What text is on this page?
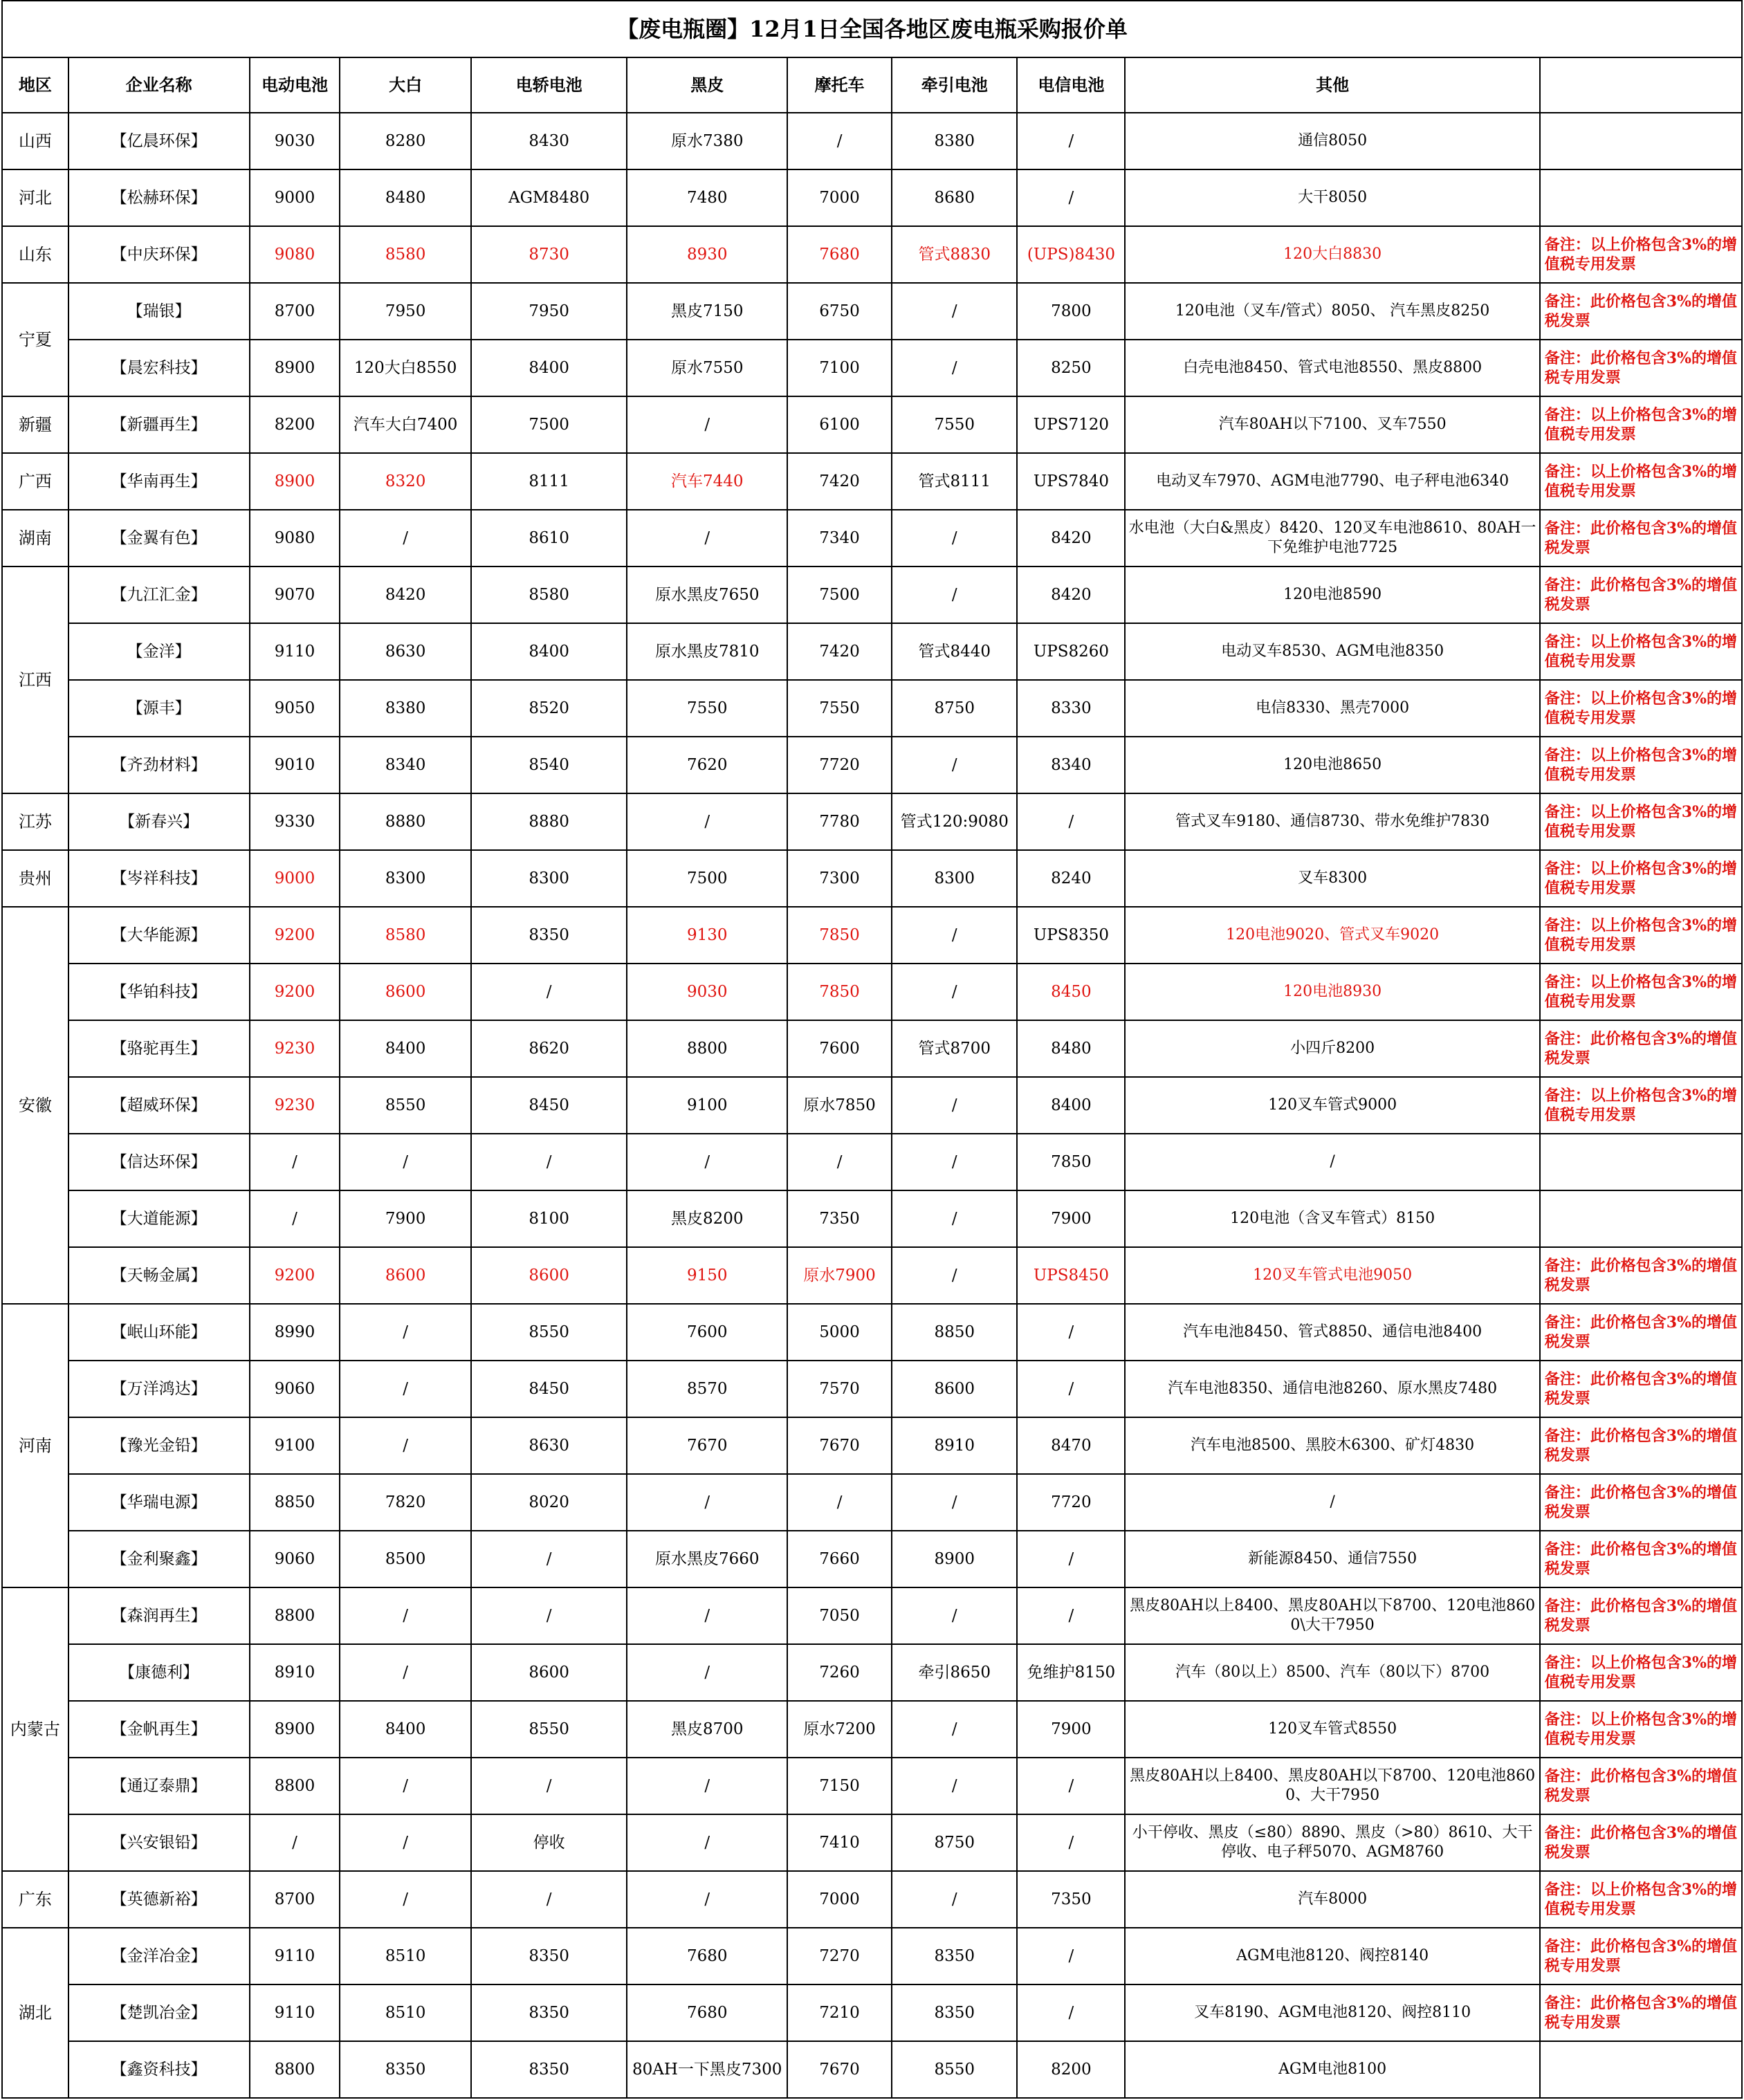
【废电瓶圈】12月1日全国各地区废电瓶采购报价单										
地区	企业名称	电动电池	大白	电轿电池	黑皮	摩托车	牵引电池	电信电池	其他	
山西	【亿晨环保】	9030	8280	8430	原水7380	/	8380	/	通信8050	
河北	【松赫环保】	9000	8480	AGM8480	7480	7000	8680	/	大干8050	
山东	【中庆环保】	9080	8580	8730	8930	7680	管式8830	(UPS)8430	120大白8830	备注：以上价格包含3%的增值税专用发票
宁夏	【瑞银】	8700	7950	7950	黑皮7150	6750	/	7800	120电池（叉车/管式）8050、 汽车黑皮8250	备注：此价格包含3%的增值税发票
	【晨宏科技】	8900	120大白8550	8400	原水7550	7100	/	8250	白壳电池8450、管式电池8550、黑皮8800	备注：此价格包含3%的增值税专用发票
新疆	【新疆再生】	8200	汽车大白7400	7500	/	6100	7550	UPS7120	汽车80AH以下7100、叉车7550	备注：以上价格包含3%的增值税专用发票
广西	【华南再生】	8900	8320	8111	汽车7440	7420	管式8111	UPS7840	电动叉车7970、AGM电池7790、电子秤电池6340	备注：以上价格包含3%的增值税专用发票
湖南	【金翼有色】	9080	/	8610	/	7340	/	8420	水电池（大白&黑皮）8420、120叉车电池8610、80AH一下免维护电池7725	备注：此价格包含3%的增值税发票
江西	【九江汇金】	9070	8420	8580	原水黑皮7650	7500	/	8420	120电池8590	备注：此价格包含3%的增值税发票
	【金洋】	9110	8630	8400	原水黑皮7810	7420	管式8440	UPS8260	电动叉车8530、AGM电池8350	备注：以上价格包含3%的增值税专用发票
	【源丰】	9050	8380	8520	7550	7550	8750	8330	电信8330、黑壳7000	备注：以上价格包含3%的增值税专用发票
	【齐劲材料】	9010	8340	8540	7620	7720	/	8340	120电池8650	备注：以上价格包含3%的增值税专用发票
江苏	【新春兴】	9330	8880	8880	/	7780	管式120:9080	/	管式叉车9180、通信8730、带水免维护7830	备注：以上价格包含3%的增值税专用发票
贵州	【岑祥科技】	9000	8300	8300	7500	7300	8300	8240	叉车8300	备注：以上价格包含3%的增值税专用发票
安徽	【大华能源】	9200	8580	8350	9130	7850	/	UPS8350	120电池9020、管式叉车9020	备注：以上价格包含3%的增值税专用发票
	【华铂科技】	9200	8600	/	9030	7850	/	8450	120电池8930	备注：以上价格包含3%的增值税专用发票
	【骆驼再生】	9230	8400	8620	8800	7600	管式8700	8480	小四斤8200	备注：此价格包含3%的增值税发票
	【超威环保】	9230	8550	8450	9100	原水7850	/	8400	120叉车管式9000	备注：以上价格包含3%的增值税专用发票
	【信达环保】	/	/	/	/	/	/	7850	/	
	【大道能源】	/	7900	8100	黑皮8200	7350	/	7900	120电池（含叉车管式）8150	
	【天畅金属】	9200	8600	8600	9150	原水7900	/	UPS8450	120叉车管式电池9050	备注：此价格包含3%的增值税发票
河南	【岷山环能】	8990	/	8550	7600	5000	8850	/	汽车电池8450、管式8850、通信电池8400	备注：此价格包含3%的增值税发票
	【万洋鸿达】	9060	/	8450	8570	7570	8600	/	汽车电池8350、通信电池8260、原水黑皮7480	备注：此价格包含3%的增值税发票
	【豫光金铅】	9100	/	8630	7670	7670	8910	8470	汽车电池8500、黑胶木6300、矿灯4830	备注：此价格包含3%的增值税发票
	【华瑞电源】	8850	7820	8020	/	/	/	7720	/	备注：此价格包含3%的增值税发票
	【金利聚鑫】	9060	8500	/	原水黑皮7660	7660	8900	/	新能源8450、通信7550	备注：此价格包含3%的增值税发票
内蒙古	【森润再生】	8800	/	/	/	7050	/	/	黑皮80AH以上8400、黑皮80AH以下8700、120电池8600\大干7950	备注：此价格包含3%的增值税发票
	【康德利】	8910	/	8600	/	7260	牵引8650	免维护8150	汽车（80以上）8500、汽车（80以下）8700	备注：以上价格包含3%的增值税专用发票
	【金帆再生】	8900	8400	8550	黑皮8700	原水7200	/	7900	120叉车管式8550	备注：以上价格包含3%的增值税专用发票
	【通辽泰鼎】	8800	/	/	/	7150	/	/	黑皮80AH以上8400、黑皮80AH以下8700、120电池8600、大干7950	备注：此价格包含3%的增值税发票
	【兴安银铅】	/	/	停收	/	7410	8750	/	小干停收、黑皮（≤80）8890、黑皮（>80）8610、大干停收、电子秤5070、AGM8760	备注：此价格包含3%的增值税发票
广东	【英德新裕】	8700	/	/	/	7000	/	7350	汽车8000	备注：以上价格包含3%的增值税专用发票
湖北	【金洋冶金】	9110	8510	8350	7680	7270	8350	/	AGM电池8120、阀控8140	备注：此价格包含3%的增值税专用发票
	【楚凯冶金】	9110	8510	8350	7680	7210	8350	/	叉车8190、AGM电池8120、阀控8110	备注：此价格包含3%的增值税专用发票
	【鑫资科技】	8800	8350	8350	80AH一下黑皮7300	7670	8550	8200	AGM电池8100	
